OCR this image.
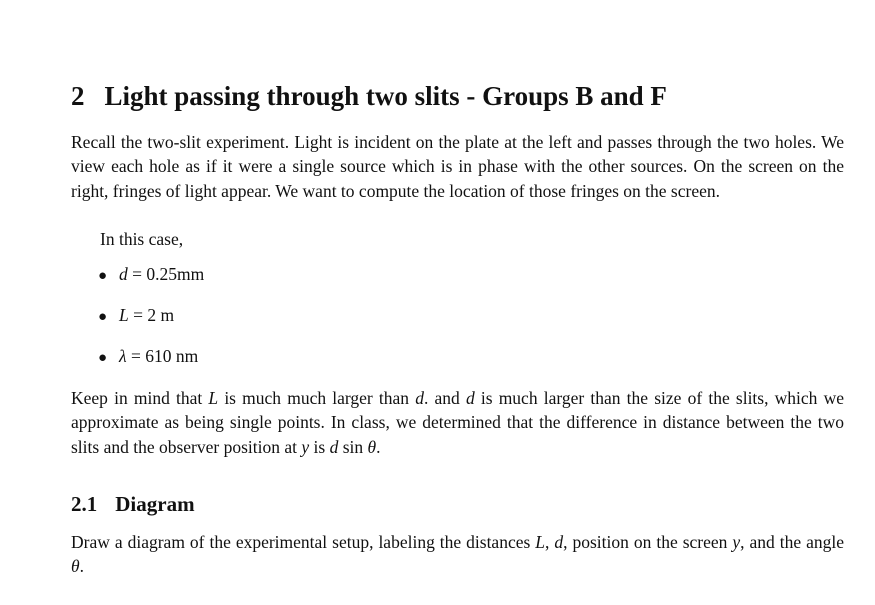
2 Light passing through two slits - Groups B and F
Recall the two-slit experiment. Light is incident on the plate at the left and passes through the two holes. We view each hole as if it were a single source which is in phase with the other sources. On the screen on the right, fringes of light appear. We want to compute the location of those fringes on the screen.
In this case,
● d = 0.25mm
● L = 2 m
● λ = 610 nm
Keep in mind that L is much much larger than d. and d is much larger than the size of the slits, which we approximate as being single points. In class, we determined that the difference in distance between the two slits and the observer position at y is d sin θ.
2.1 Diagram
Draw a diagram of the experimental setup, labeling the distances L, d, position on the screen y, and the angle θ.
